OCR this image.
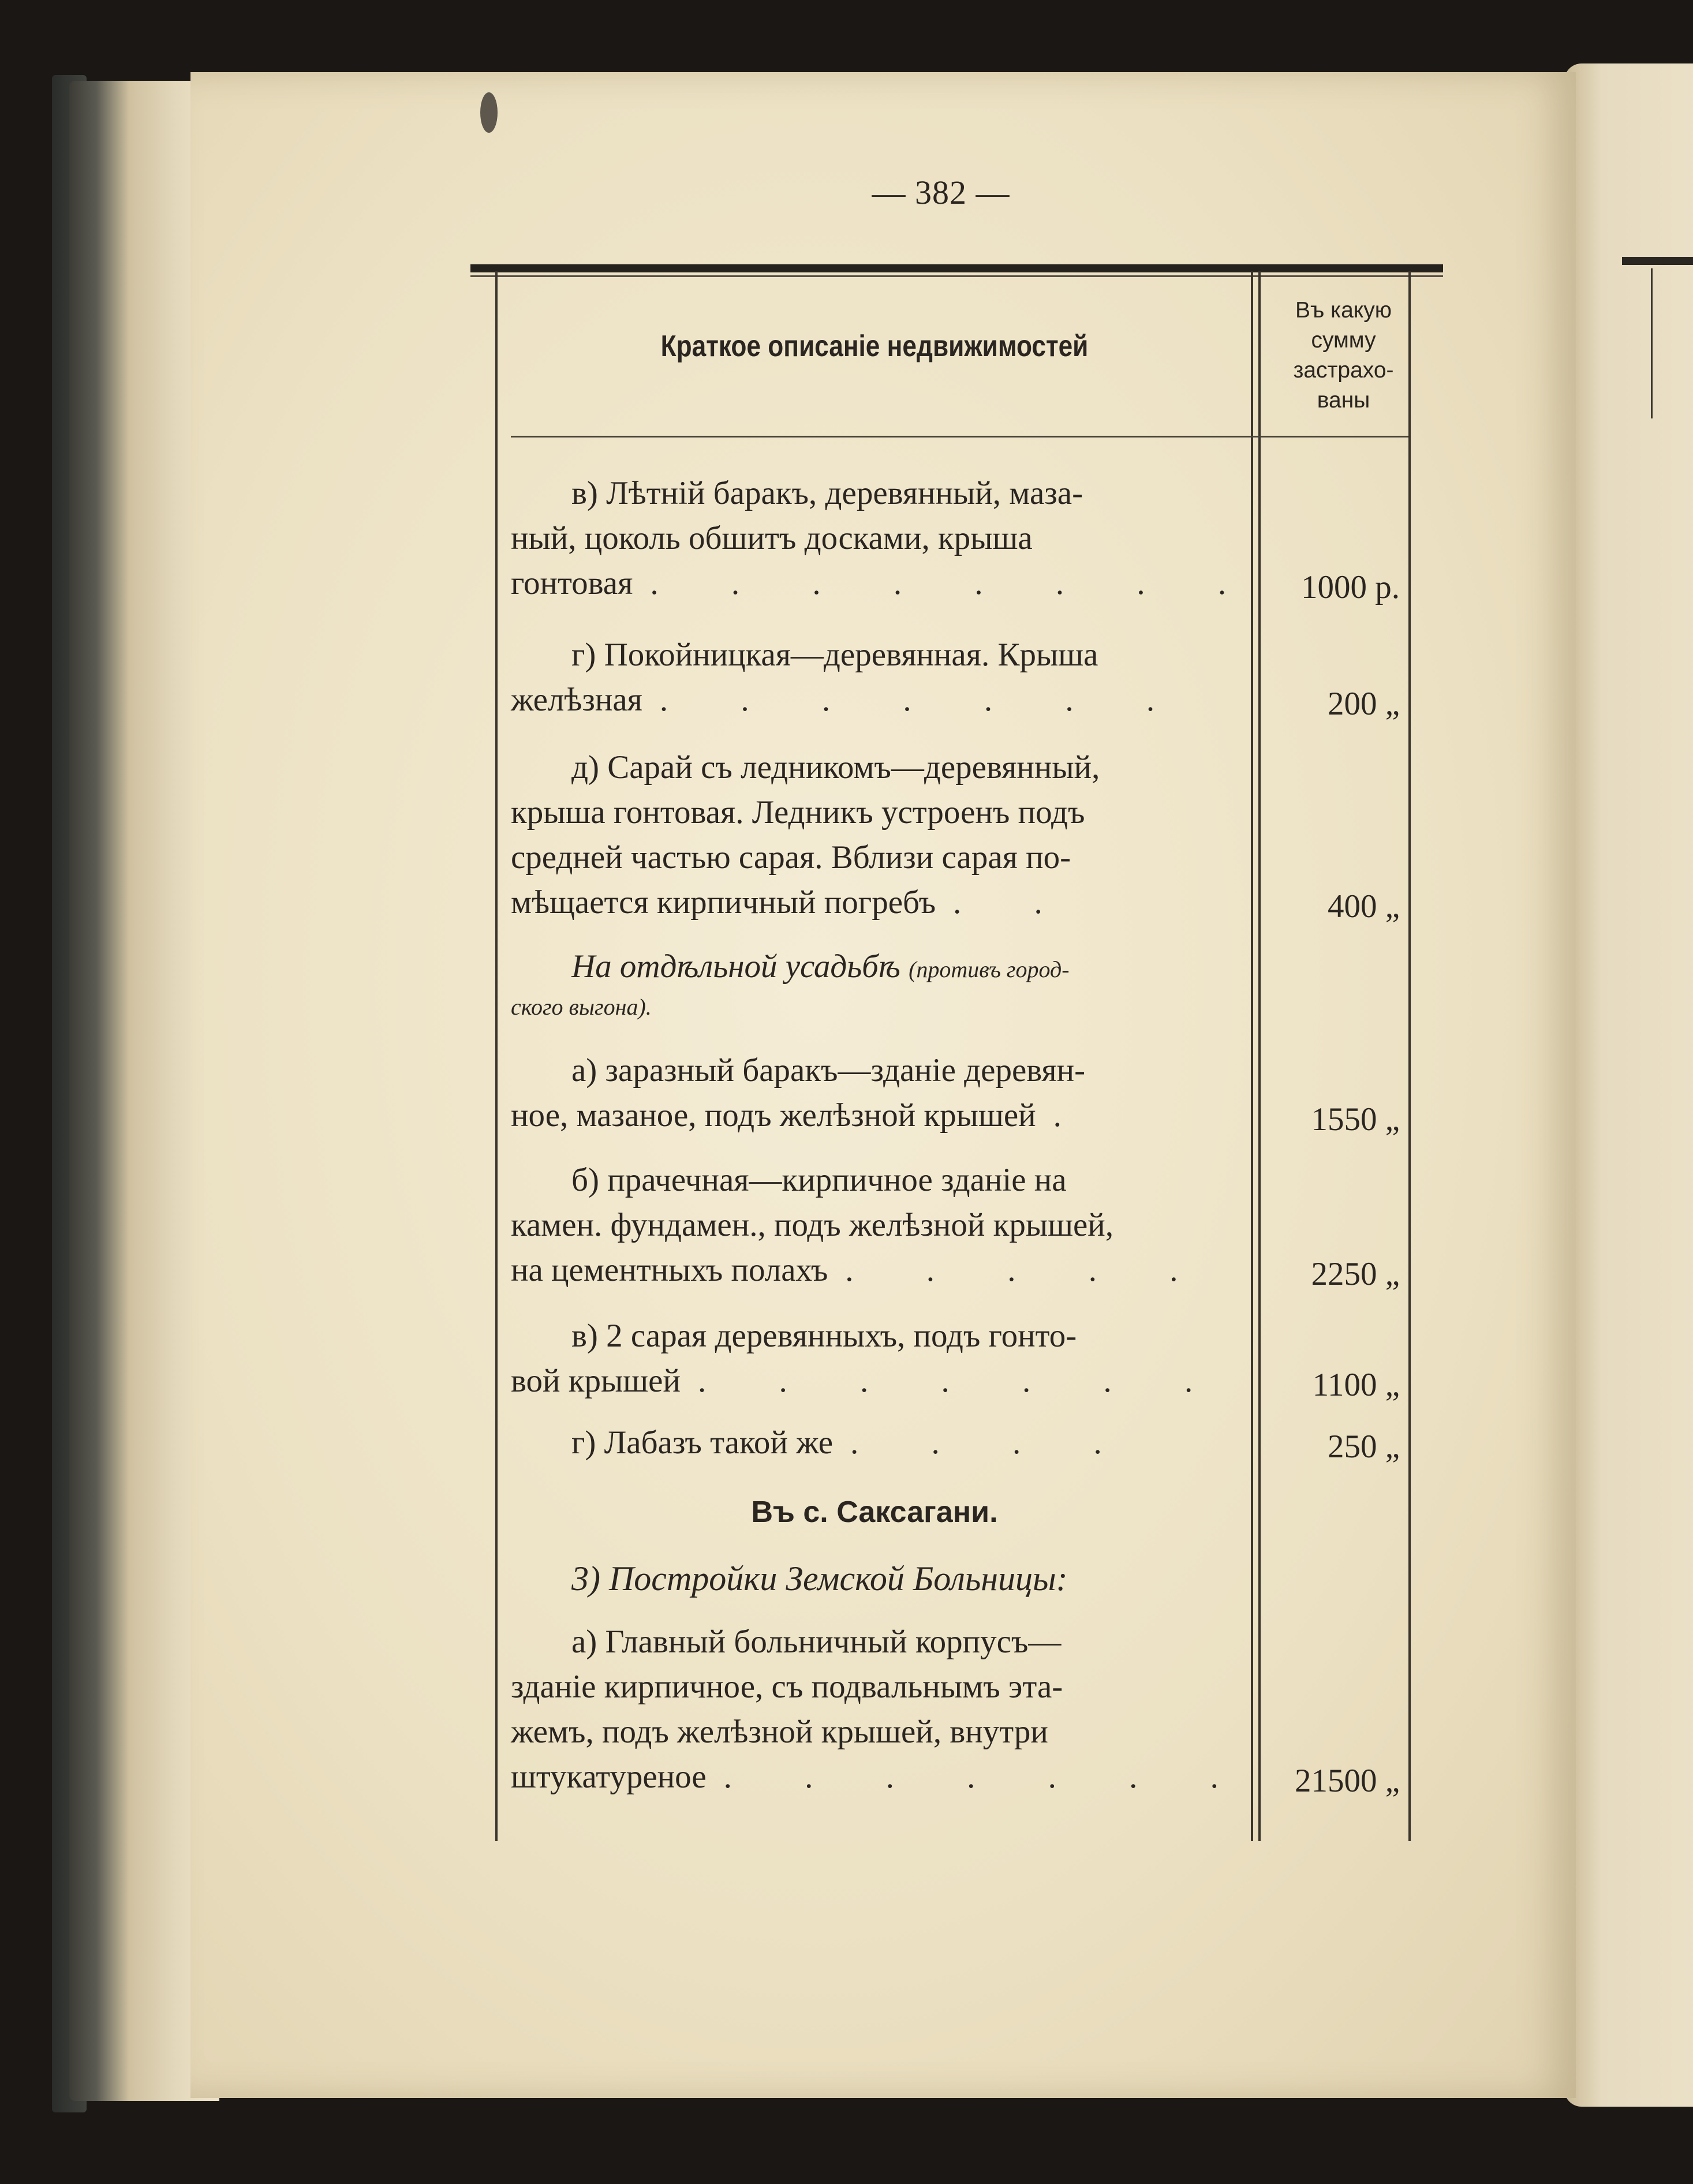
— 382 —
Краткое описаніе недвижимостей
Въ какую
сумму
застрахо-
ваны
в) Лѣтній баракъ, деревянный, маза-
ный, цоколь обшитъ досками, крыша
гонтовая . . . . . . . .	1000 р.
г) Покойницкая—деревянная. Крыша
желѣзная . . . . . . .	200 „
д) Сарай съ ледникомъ—деревянный,
крыша гонтовая. Ледникъ устроенъ подъ
средней частью сарая. Вблизи сарая по-
мѣщается кирпичный погребъ . .	400 „
На отдѣльной усадьбѣ (противъ город-
ского выгона).
а) заразный баракъ—зданіе деревян-
ное, мазаное, подъ желѣзной крышей .	1550 „
б) прачечная—кирпичное зданіе на
камен. фундамен., подъ желѣзной крышей,
на цементныхъ полахъ . . . . .	2250 „
в) 2 сарая деревянныхъ, подъ гонто-
вой крышей . . . . . . .	1100 „
г) Лабазъ такой же . . . .	250 „
Въ с. Саксагани.
3) Постройки Земской Больницы:
а) Главный больничный корпусъ—
зданіе кирпичное, съ подвальнымъ эта-
жемъ, подъ желѣзной крышей, внутри
штукатуреное . . . . . . .	21500 „
